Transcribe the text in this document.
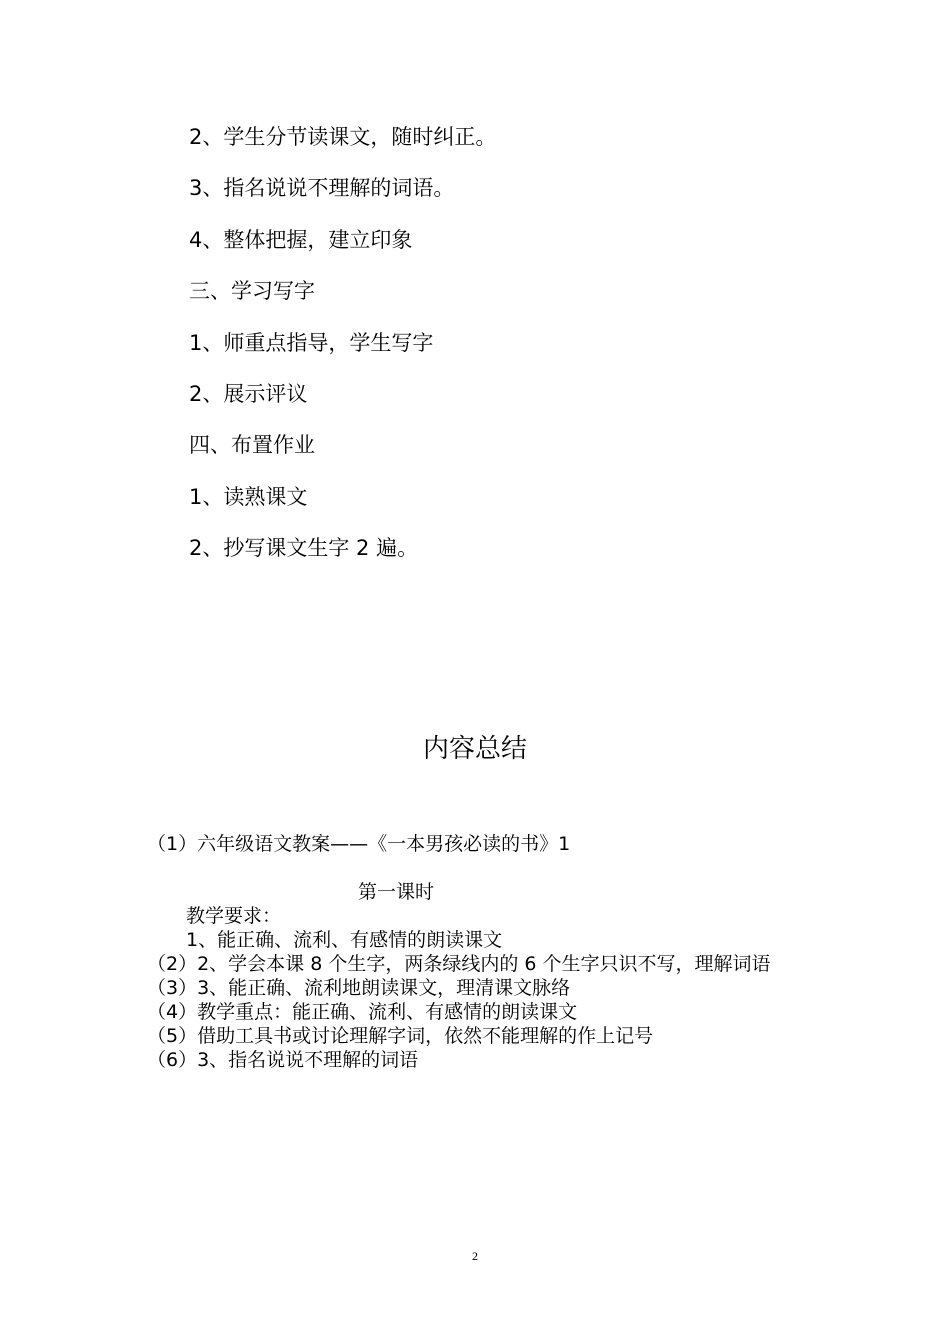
2、学生分节读课文，随时纠正。
3、指名说说不理解的词语。
4、整体把握，建立印象
三、学习写字
1、师重点指导，学生写字
2、展示评议
四、布置作业
1、读熟课文
2、抄写课文生字 2 遍。
内容总结
（1）六年级语文教案——《一本男孩必读的书》1
第一课时
教学要求：
1、能正确、流利、有感情的朗读课文
（2）2、学会本课 8 个生字，两条绿线内的 6 个生字只识不写，理解词语
（3）3、能正确、流利地朗读课文，理清课文脉络
（4）教学重点：能正确、流利、有感情的朗读课文
（5）借助工具书或讨论理解字词，依然不能理解的作上记号
（6）3、指名说说不理解的词语
2
